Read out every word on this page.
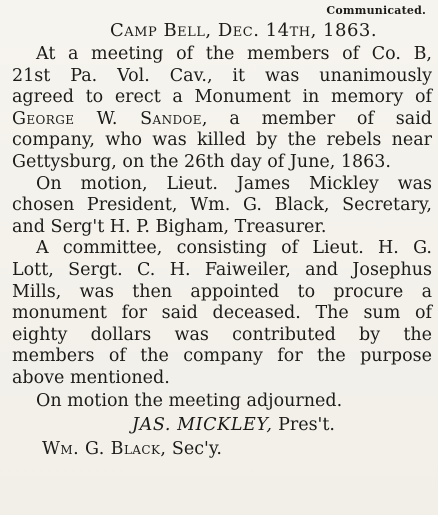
Communicated.
Camp Bell, Dec. 14th, 1863.
At a meeting of the members of Co. B,
21st Pa. Vol. Cav., it was unanimously
agreed to erect a Monument in memory of
George W. Sandoe, a member of said
company, who was killed by the rebels near
Gettysburg, on the 26th day of June, 1863.
On motion, Lieut. James Mickley was
chosen President, Wm. G. Black, Secretary,
and Serg't H. P. Bigham, Treasurer.
A committee, consisting of Lieut. H. G.
Lott, Sergt. C. H. Faiweiler, and Josephus
Mills, was then appointed to procure a
monument for said deceased. The sum of
eighty dollars was contributed by the
members of the company for the purpose
above mentioned.
On motion the meeting adjourned.
JAS. MICKLEY, Pres't.
Wm. G. Black, Sec'y.
